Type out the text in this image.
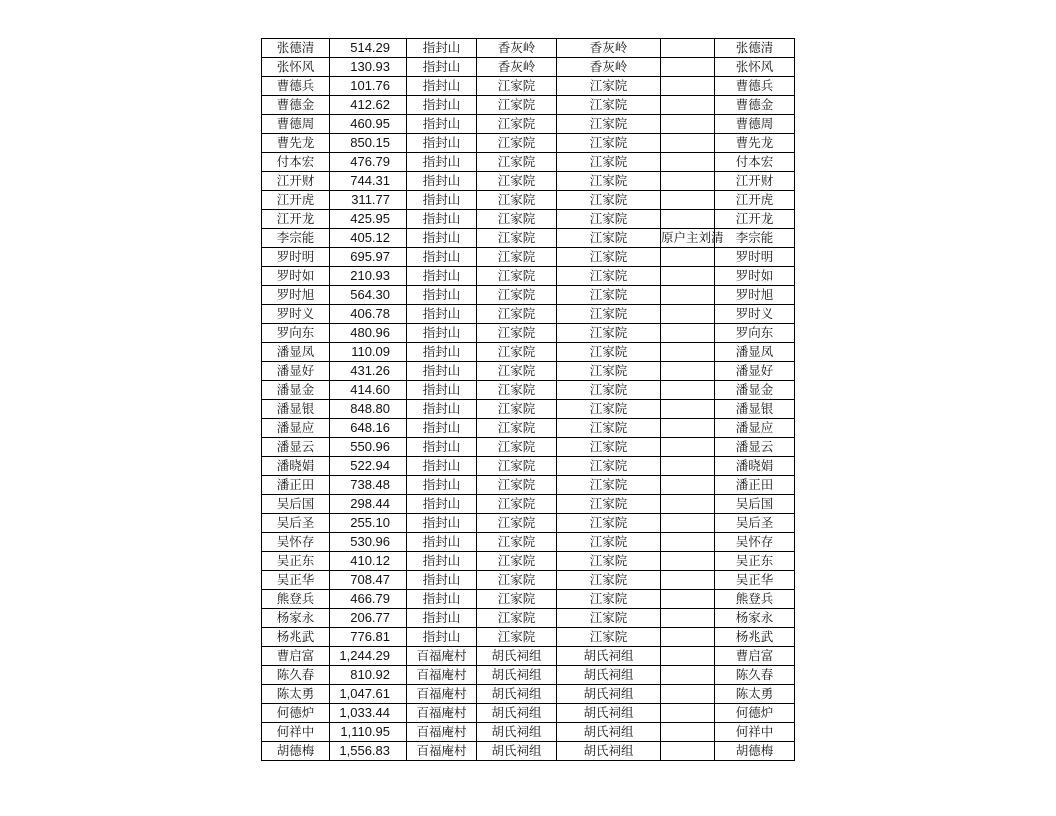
张德清	514.29	指封山	香灰岭	香灰岭		张德清
张怀风	130.93	指封山	香灰岭	香灰岭		张怀风
曹德兵	101.76	指封山	江家院	江家院		曹德兵
曹德金	412.62	指封山	江家院	江家院		曹德金
曹德周	460.95	指封山	江家院	江家院		曹德周
曹先龙	850.15	指封山	江家院	江家院		曹先龙
付本宏	476.79	指封山	江家院	江家院		付本宏
江开财	744.31	指封山	江家院	江家院		江开财
江开虎	311.77	指封山	江家院	江家院		江开虎
江开龙	425.95	指封山	江家院	江家院		江开龙
李宗能	405.12	指封山	江家院	江家院	原户主刘清	李宗能
罗时明	695.97	指封山	江家院	江家院		罗时明
罗时如	210.93	指封山	江家院	江家院		罗时如
罗时旭	564.30	指封山	江家院	江家院		罗时旭
罗时义	406.78	指封山	江家院	江家院		罗时义
罗向东	480.96	指封山	江家院	江家院		罗向东
潘显凤	110.09	指封山	江家院	江家院		潘显凤
潘显好	431.26	指封山	江家院	江家院		潘显好
潘显金	414.60	指封山	江家院	江家院		潘显金
潘显银	848.80	指封山	江家院	江家院		潘显银
潘显应	648.16	指封山	江家院	江家院		潘显应
潘显云	550.96	指封山	江家院	江家院		潘显云
潘晓娟	522.94	指封山	江家院	江家院		潘晓娟
潘正田	738.48	指封山	江家院	江家院		潘正田
吴后国	298.44	指封山	江家院	江家院		吴后国
吴后圣	255.10	指封山	江家院	江家院		吴后圣
吴怀存	530.96	指封山	江家院	江家院		吴怀存
吴正东	410.12	指封山	江家院	江家院		吴正东
吴正华	708.47	指封山	江家院	江家院		吴正华
熊登兵	466.79	指封山	江家院	江家院		熊登兵
杨家永	206.77	指封山	江家院	江家院		杨家永
杨兆武	776.81	指封山	江家院	江家院		杨兆武
曹启富	1,244.29	百福庵村	胡氏祠组	胡氏祠组		曹启富
陈久春	810.92	百福庵村	胡氏祠组	胡氏祠组		陈久春
陈太勇	1,047.61	百福庵村	胡氏祠组	胡氏祠组		陈太勇
何德炉	1,033.44	百福庵村	胡氏祠组	胡氏祠组		何德炉
何祥中	1,110.95	百福庵村	胡氏祠组	胡氏祠组		何祥中
胡德梅	1,556.83	百福庵村	胡氏祠组	胡氏祠组		胡德梅
